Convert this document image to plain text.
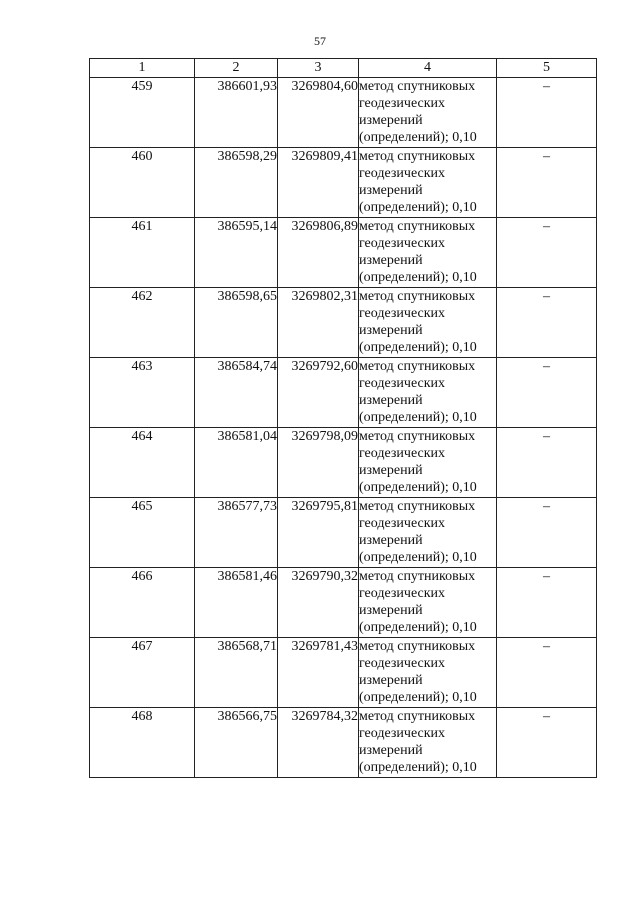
57
1	2	3	4	5
459	386601,93	3269804,60	метод спутниковых
геодезических
измерений
(определений); 0,10	–
460	386598,29	3269809,41	метод спутниковых
геодезических
измерений
(определений); 0,10	–
461	386595,14	3269806,89	метод спутниковых
геодезических
измерений
(определений); 0,10	–
462	386598,65	3269802,31	метод спутниковых
геодезических
измерений
(определений); 0,10	–
463	386584,74	3269792,60	метод спутниковых
геодезических
измерений
(определений); 0,10	–
464	386581,04	3269798,09	метод спутниковых
геодезических
измерений
(определений); 0,10	–
465	386577,73	3269795,81	метод спутниковых
геодезических
измерений
(определений); 0,10	–
466	386581,46	3269790,32	метод спутниковых
геодезических
измерений
(определений); 0,10	–
467	386568,71	3269781,43	метод спутниковых
геодезических
измерений
(определений); 0,10	–
468	386566,75	3269784,32	метод спутниковых
геодезических
измерений
(определений); 0,10	–
